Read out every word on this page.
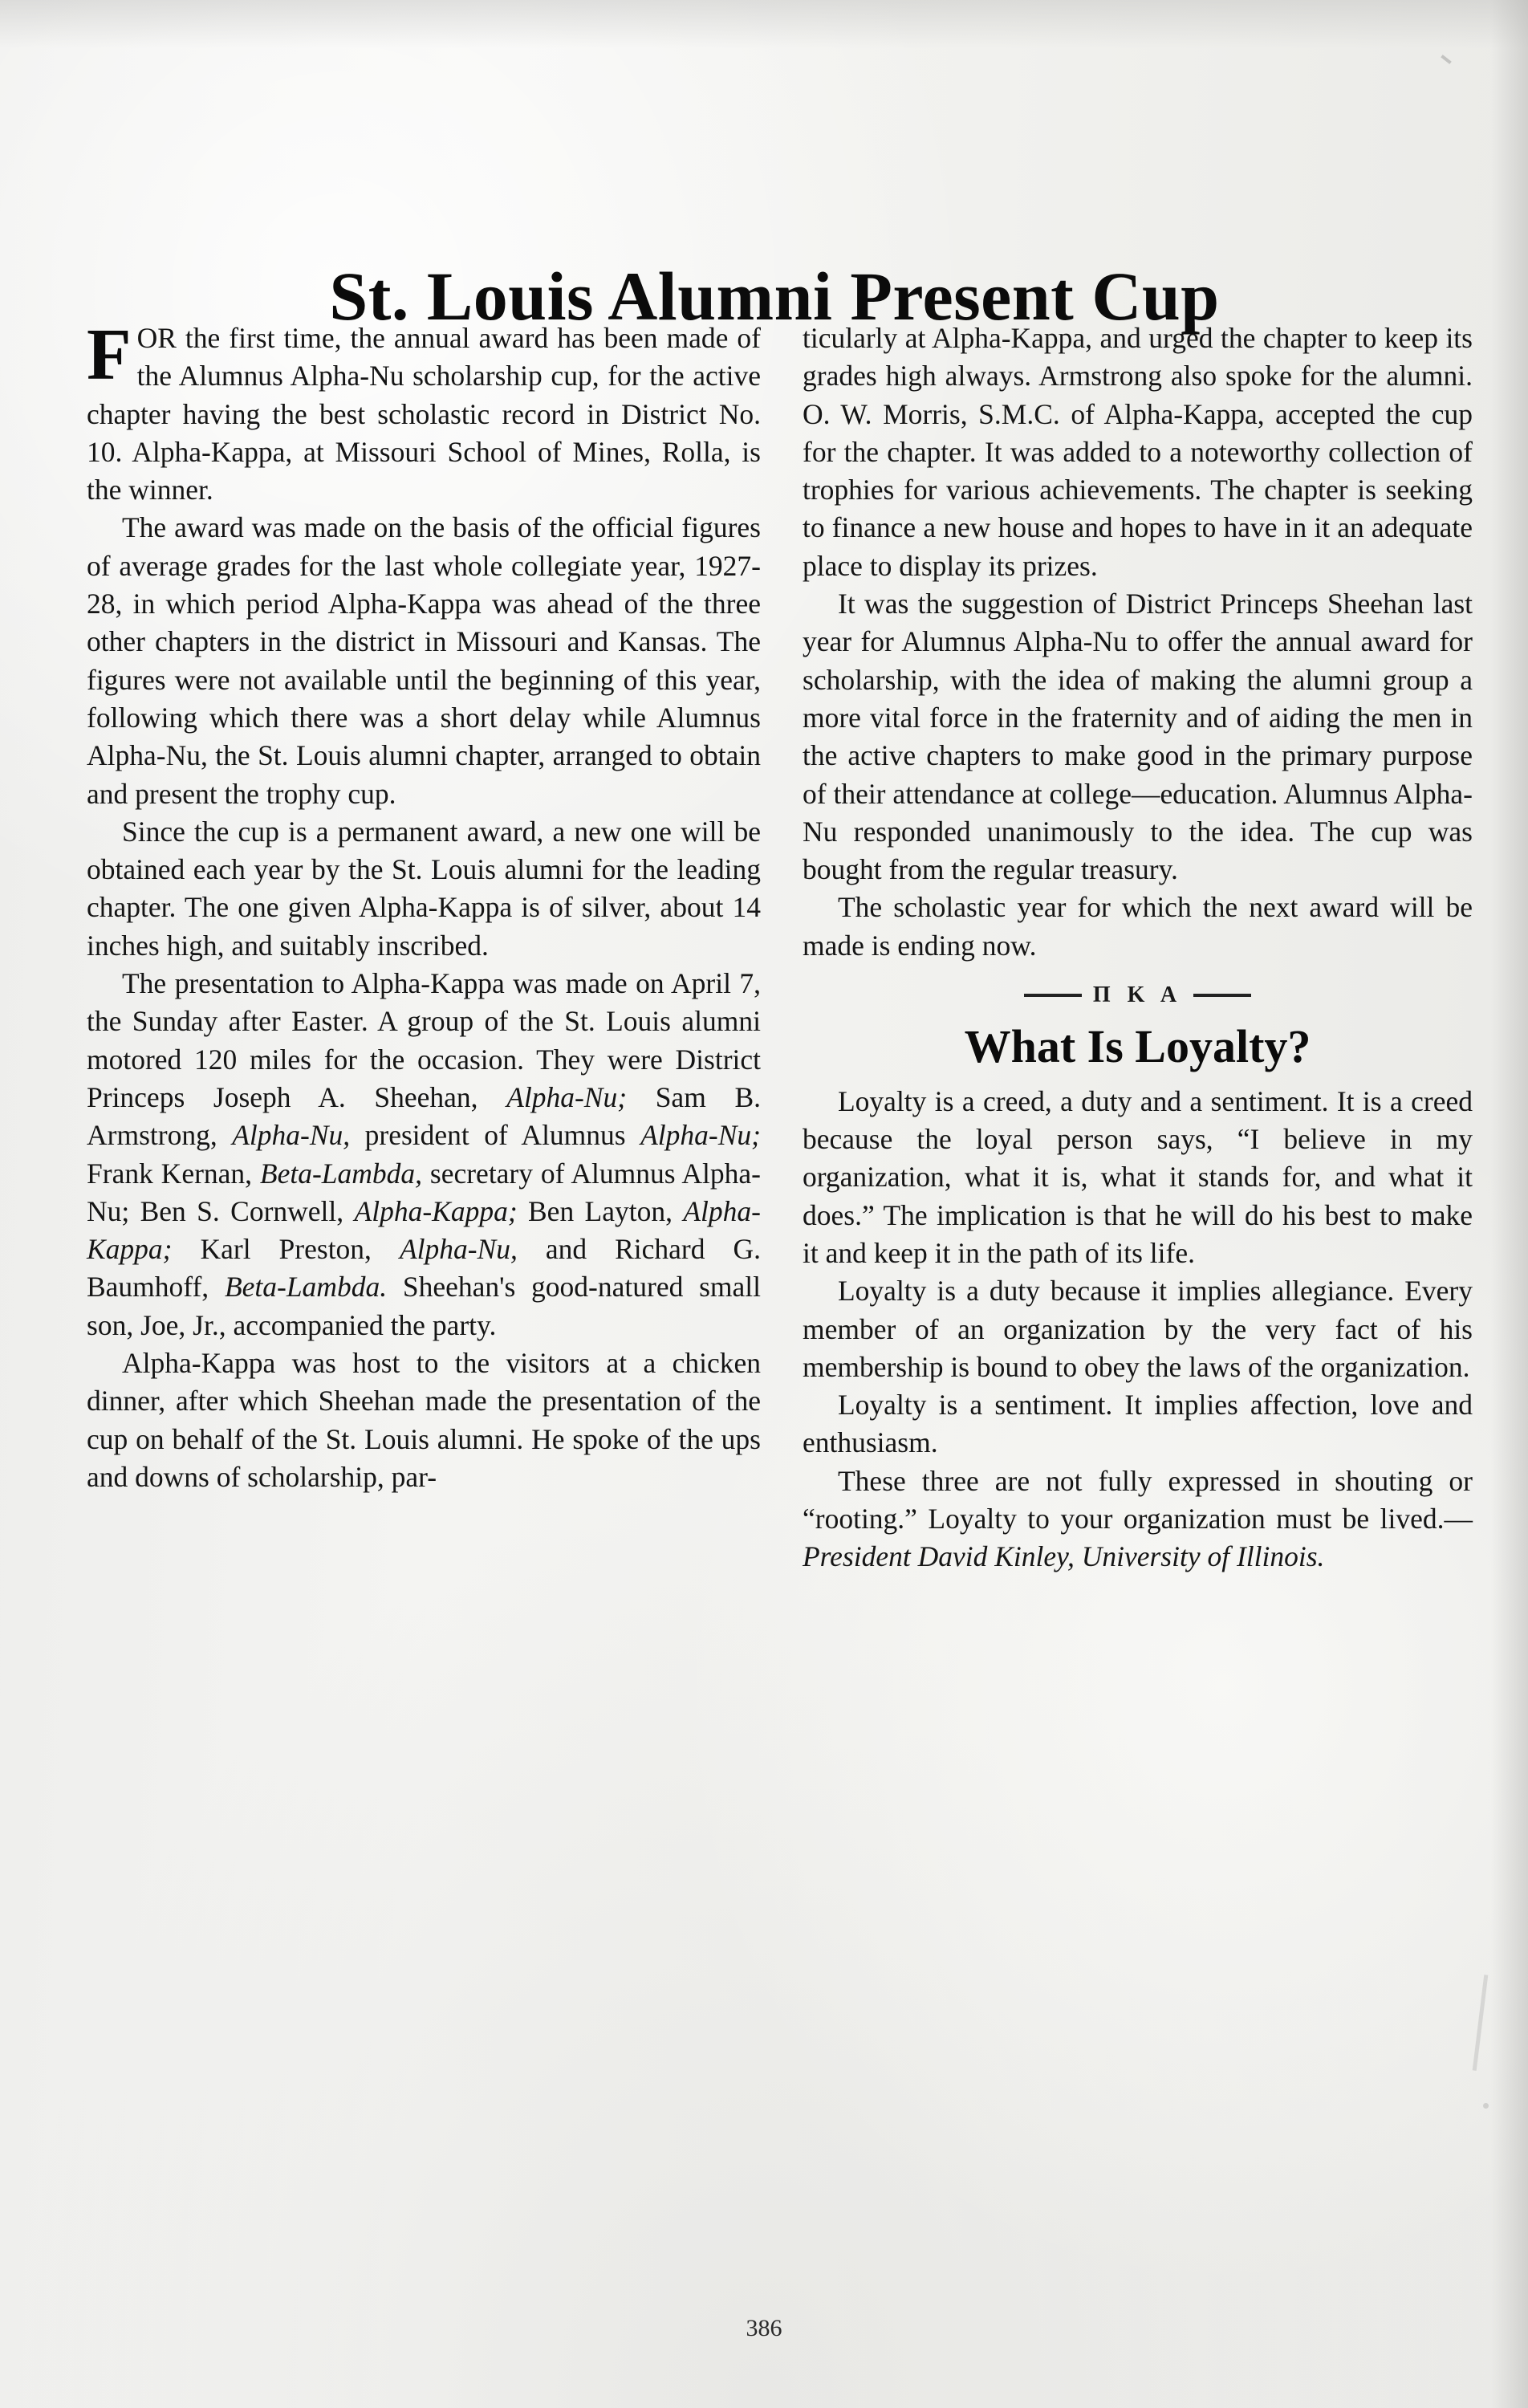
St. Louis Alumni Present Cup

FOR the first time, the annual award has been made of the Alumnus Alpha-Nu scholarship cup, for the active chapter having the best scholastic record in District No. 10. Alpha-Kappa, at Missouri School of Mines, Rolla, is the winner.

The award was made on the basis of the official figures of average grades for the last whole collegiate year, 1927-28, in which period Alpha-Kappa was ahead of the three other chapters in the district in Missouri and Kansas. The figures were not available until the beginning of this year, following which there was a short delay while Alumnus Alpha-Nu, the St. Louis alumni chapter, arranged to obtain and present the trophy cup.

Since the cup is a permanent award, a new one will be obtained each year by the St. Louis alumni for the leading chapter. The one given Alpha-Kappa is of silver, about 14 inches high, and suitably inscribed.

The presentation to Alpha-Kappa was made on April 7, the Sunday after Easter. A group of the St. Louis alumni motored 120 miles for the occasion. They were District Princeps Joseph A. Sheehan, Alpha-Nu; Sam B. Armstrong, Alpha-Nu, president of Alumnus Alpha-Nu; Frank Kernan, Beta-Lambda, secretary of Alumnus Alpha-Nu; Ben S. Cornwell, Alpha-Kappa; Ben Layton, Alpha-Kappa; Karl Preston, Alpha-Nu, and Richard G. Baumhoff, Beta-Lambda. Sheehan's good-natured small son, Joe, Jr., accompanied the party.

Alpha-Kappa was host to the visitors at a chicken dinner, after which Sheehan made the presentation of the cup on behalf of the St. Louis alumni. He spoke of the ups and downs of scholarship, par-

ticularly at Alpha-Kappa, and urged the chapter to keep its grades high always. Armstrong also spoke for the alumni. O. W. Morris, S.M.C. of Alpha-Kappa, accepted the cup for the chapter. It was added to a noteworthy collection of trophies for various achievements. The chapter is seeking to finance a new house and hopes to have in it an adequate place to display its prizes.

It was the suggestion of District Princeps Sheehan last year for Alumnus Alpha-Nu to offer the annual award for scholarship, with the idea of making the alumni group a more vital force in the fraternity and of aiding the men in the active chapters to make good in the primary purpose of their attendance at college—education. Alumnus Alpha-Nu responded unanimously to the idea. The cup was bought from the regular treasury.

The scholastic year for which the next award will be made is ending now.

Π K A
What Is Loyalty?

Loyalty is a creed, a duty and a sentiment. It is a creed because the loyal person says, “I believe in my organization, what it is, what it stands for, and what it does.” The implication is that he will do his best to make it and keep it in the path of its life.

Loyalty is a duty because it implies allegiance. Every member of an organization by the very fact of his membership is bound to obey the laws of the organization.

Loyalty is a sentiment. It implies affection, love and enthusiasm.

These three are not fully expressed in shouting or “rooting.” Loyalty to your organization must be lived.—President David Kinley, University of Illinois.

386
